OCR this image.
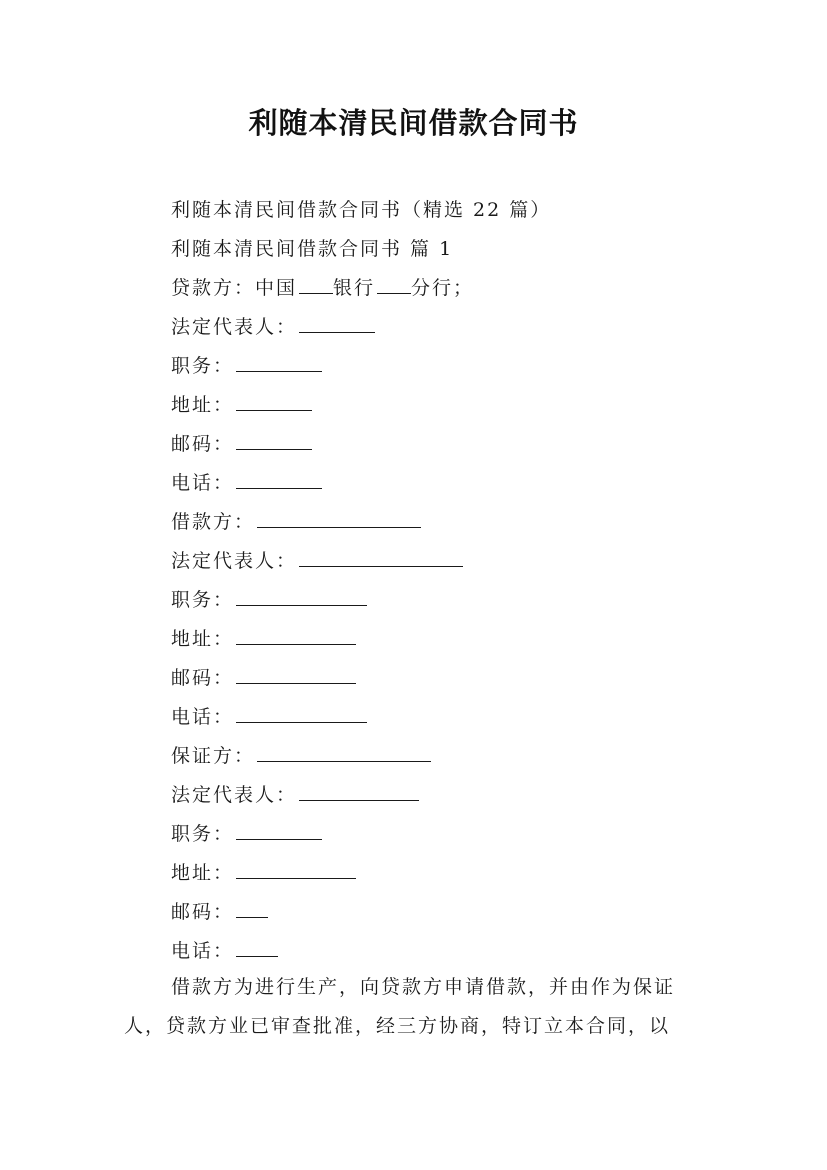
利随本清民间借款合同书
利随本清民间借款合同书（精选 22 篇）
利随本清民间借款合同书 篇 1
贷款方：中国 银行 分行；
法定代表人：
职务：
地址：
邮码：
电话：
借款方：
法定代表人：
职务：
地址：
邮码：
电话：
保证方：
法定代表人：
职务：
地址：
邮码：
电话：
借款方为进行生产，向贷款方申请借款，并由作为保证
人，贷款方业已审查批准，经三方协商，特订立本合同，以
